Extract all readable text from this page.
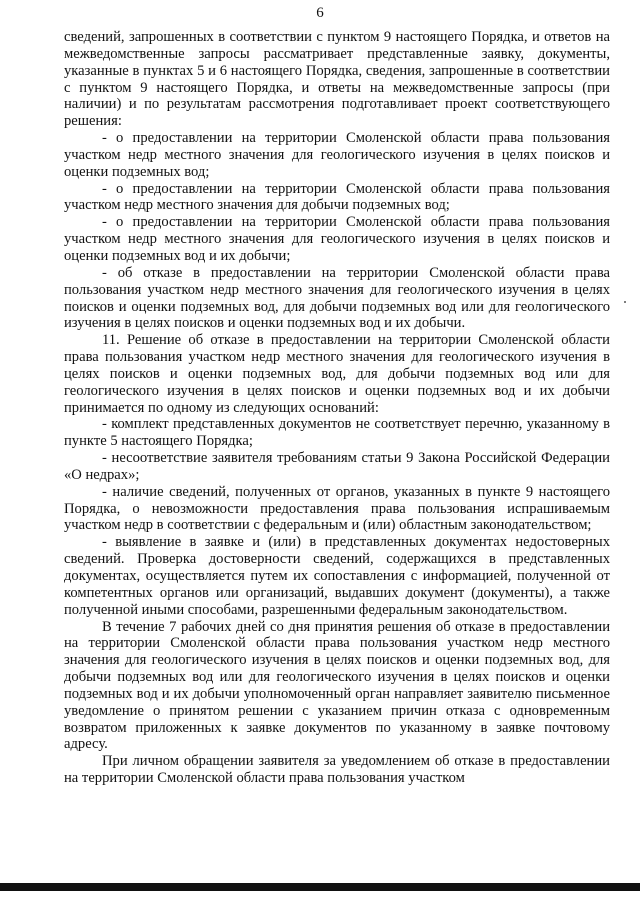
6

сведений, запрошенных в соответствии с пунктом 9 настоящего Порядка, и ответов на межведомственные запросы рассматривает представленные заявку, документы, указанные в пунктах 5 и 6 настоящего Порядка, сведения, запрошенные в соответствии с пунктом 9 настоящего Порядка, и ответы на межведомственные запросы (при наличии) и по результатам рассмотрения подготавливает проект соответствующего решения:

- о предоставлении на территории Смоленской области права пользования участком недр местного значения для геологического изучения в целях поисков и оценки подземных вод;

- о предоставлении на территории Смоленской области права пользования участком недр местного значения для добычи подземных вод;

- о предоставлении на территории Смоленской области права пользования участком недр местного значения для геологического изучения в целях поисков и оценки подземных вод и их добычи;

- об отказе в предоставлении на территории Смоленской области права пользования участком недр местного значения для геологического изучения в целях поисков и оценки подземных вод, для добычи подземных вод или для геологического изучения в целях поисков и оценки подземных вод и их добычи.

11. Решение об отказе в предоставлении на территории Смоленской области права пользования участком недр местного значения для геологического изучения в целях поисков и оценки подземных вод, для добычи подземных вод или для геологического изучения в целях поисков и оценки подземных вод и их добычи принимается по одному из следующих оснований:

- комплект представленных документов не соответствует перечню, указанному в пункте 5 настоящего Порядка;

- несоответствие заявителя требованиям статьи 9 Закона Российской Федерации «О недрах»;

- наличие сведений, полученных от органов, указанных в пункте 9 настоящего Порядка, о невозможности предоставления права пользования испрашиваемым участком недр в соответствии с федеральным и (или) областным законодательством;

- выявление в заявке и (или) в представленных документах недостоверных сведений. Проверка достоверности сведений, содержащихся в представленных документах, осуществляется путем их сопоставления с информацией, полученной от компетентных органов или организаций, выдавших документ (документы), а также полученной иными способами, разрешенными федеральным законодательством.

В течение 7 рабочих дней со дня принятия решения об отказе в предоставлении на территории Смоленской области права пользования участком недр местного значения для геологического изучения в целях поисков и оценки подземных вод, для добычи подземных вод или для геологического изучения в целях поисков и оценки подземных вод и их добычи уполномоченный орган направляет заявителю письменное уведомление о принятом решении с указанием причин отказа с одновременным возвратом приложенных к заявке документов по указанному в заявке почтовому адресу.

При личном обращении заявителя за уведомлением об отказе в предоставлении на территории Смоленской области права пользования участком
